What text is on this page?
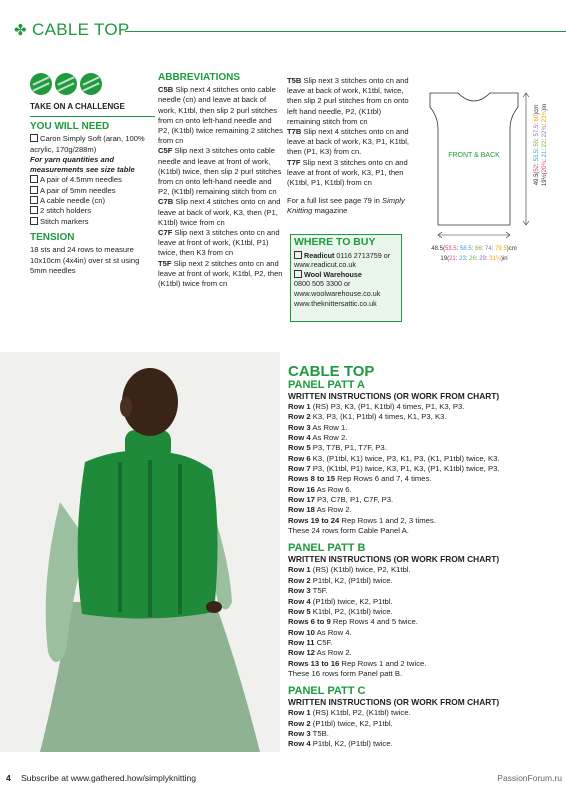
✤ CABLE TOP
TAKE ON A CHALLENGE
YOU WILL NEED
Caron Simply Soft (aran, 100% acrylic, 170g/288m)
For yarn quantities and measurements see size table
A pair of 4.5mm needles
A pair of 5mm needles
A cable needle (cn)
2 stitch holders
Stitch markers
TENSION
18 sts and 24 rows to measure 10x10cm (4x4in) over st st using 5mm needles
ABBREVIATIONS
C5B Slip next 4 stitches onto cable needle (cn) and leave at back of work, K1tbl, then slip 2 purl stitches from cn onto left-hand needle and P2, (K1tbl) twice remaining 2 stitches from cn
C5F Slip next 3 stitches onto cable needle and leave at front of work, (K1tbl) twice, then slip 2 purl stitches from cn onto left-hand needle and P2, (K1tbl) remaining stitch from cn
C7B Slip next 4 stitches onto cn and leave at back of work, K3, then (P1, K1tbl) twice from cn
C7F Slip next 3 stitches onto cn and leave at front of work, (K1tbl, P1) twice, then K3 from cn
T5F Slip next 2 stitches onto cn and leave at front of work, K1tbl, P2, then (K1tbl) twice from cn
T5B Slip next 3 stitches onto cn and leave at back of work, K1tbl, twice, then slip 2 purl stitches from cn onto left hand needle, P2, (K1tbl) remaining stitch from cn
T7B Slip next 4 stitches onto cn and leave at back of work, K3, P1, K1tbl, then (P1, K3) from cn.
T7F Slip next 3 stitches onto cn and leave at front of work, K3, P1, then (K1tbl, P1, K1tbl) from cn
For a full list see page 79 in Simply Knitting magazine
WHERE TO BUY
Readicut 0116 2713759 or
www.readicut.co.uk
Wool Warehouse
0800 505 3300 or
www.woolwarehouse.co.uk
www.theknittersattic.co.uk
FRONT & BACK
49.5(52: 53.5: 55: 57.5: 60)cm
19½(20¾: 21: 22: 22¾: 23¾)in
48.5(53.5: 58.5: 66: 74: 79.5)cm
19(21: 23: 26: 29: 31¼)in
CABLE TOP
PANEL PATT A
WRITTEN INSTRUCTIONS (OR WORK FROM CHART)
Row 1 (RS) P3, K3, (P1, K1tbl) 4 times, P1, K3, P3.
Row 2 K3, P3, (K1, P1tbl) 4 times, K1, P3, K3.
Row 3 As Row 1.
Row 4 As Row 2.
Row 5 P3, T7B, P1, T7F, P3.
Row 6 K3, (P1tbl, K1) twice, P3, K1, P3, (K1, P1tbl) twice, K3.
Row 7 P3, (K1tbl, P1) twice, K3, P1, K3, (P1, K1tbl) twice, P3.
Rows 8 to 15 Rep Rows 6 and 7, 4 times.
Row 16 As Row 6.
Row 17 P3, C7B, P1, C7F, P3.
Row 18 As Row 2.
Rows 19 to 24 Rep Rows 1 and 2, 3 times.
These 24 rows form Cable Panel A.
PANEL PATT B
WRITTEN INSTRUCTIONS (OR WORK FROM CHART)
Row 1 (RS) (K1tbl) twice, P2, K1tbl.
Row 2 P1tbl, K2, (P1tbl) twice.
Row 3 T5F.
Row 4 (P1tbl) twice, K2, P1tbl.
Row 5 K1tbl, P2, (K1tbl) twice.
Rows 6 to 9 Rep Rows 4 and 5 twice.
Row 10 As Row 4.
Row 11 C5F.
Row 12 As Row 2.
Rows 13 to 16 Rep Rows 1 and 2 twice.
These 16 rows form Panel patt B.
PANEL PATT C
WRITTEN INSTRUCTIONS (OR WORK FROM CHART)
Row 1 (RS) K1tbl, P2, (K1tbl) twice.
Row 2 (P1tbl) twice, K2, P1tbl.
Row 3 T5B.
Row 4 P1tbl, K2, (P1tbl) twice.
4 Subscribe at www.gathered.how/simplyknitting	PassionForum.ru
